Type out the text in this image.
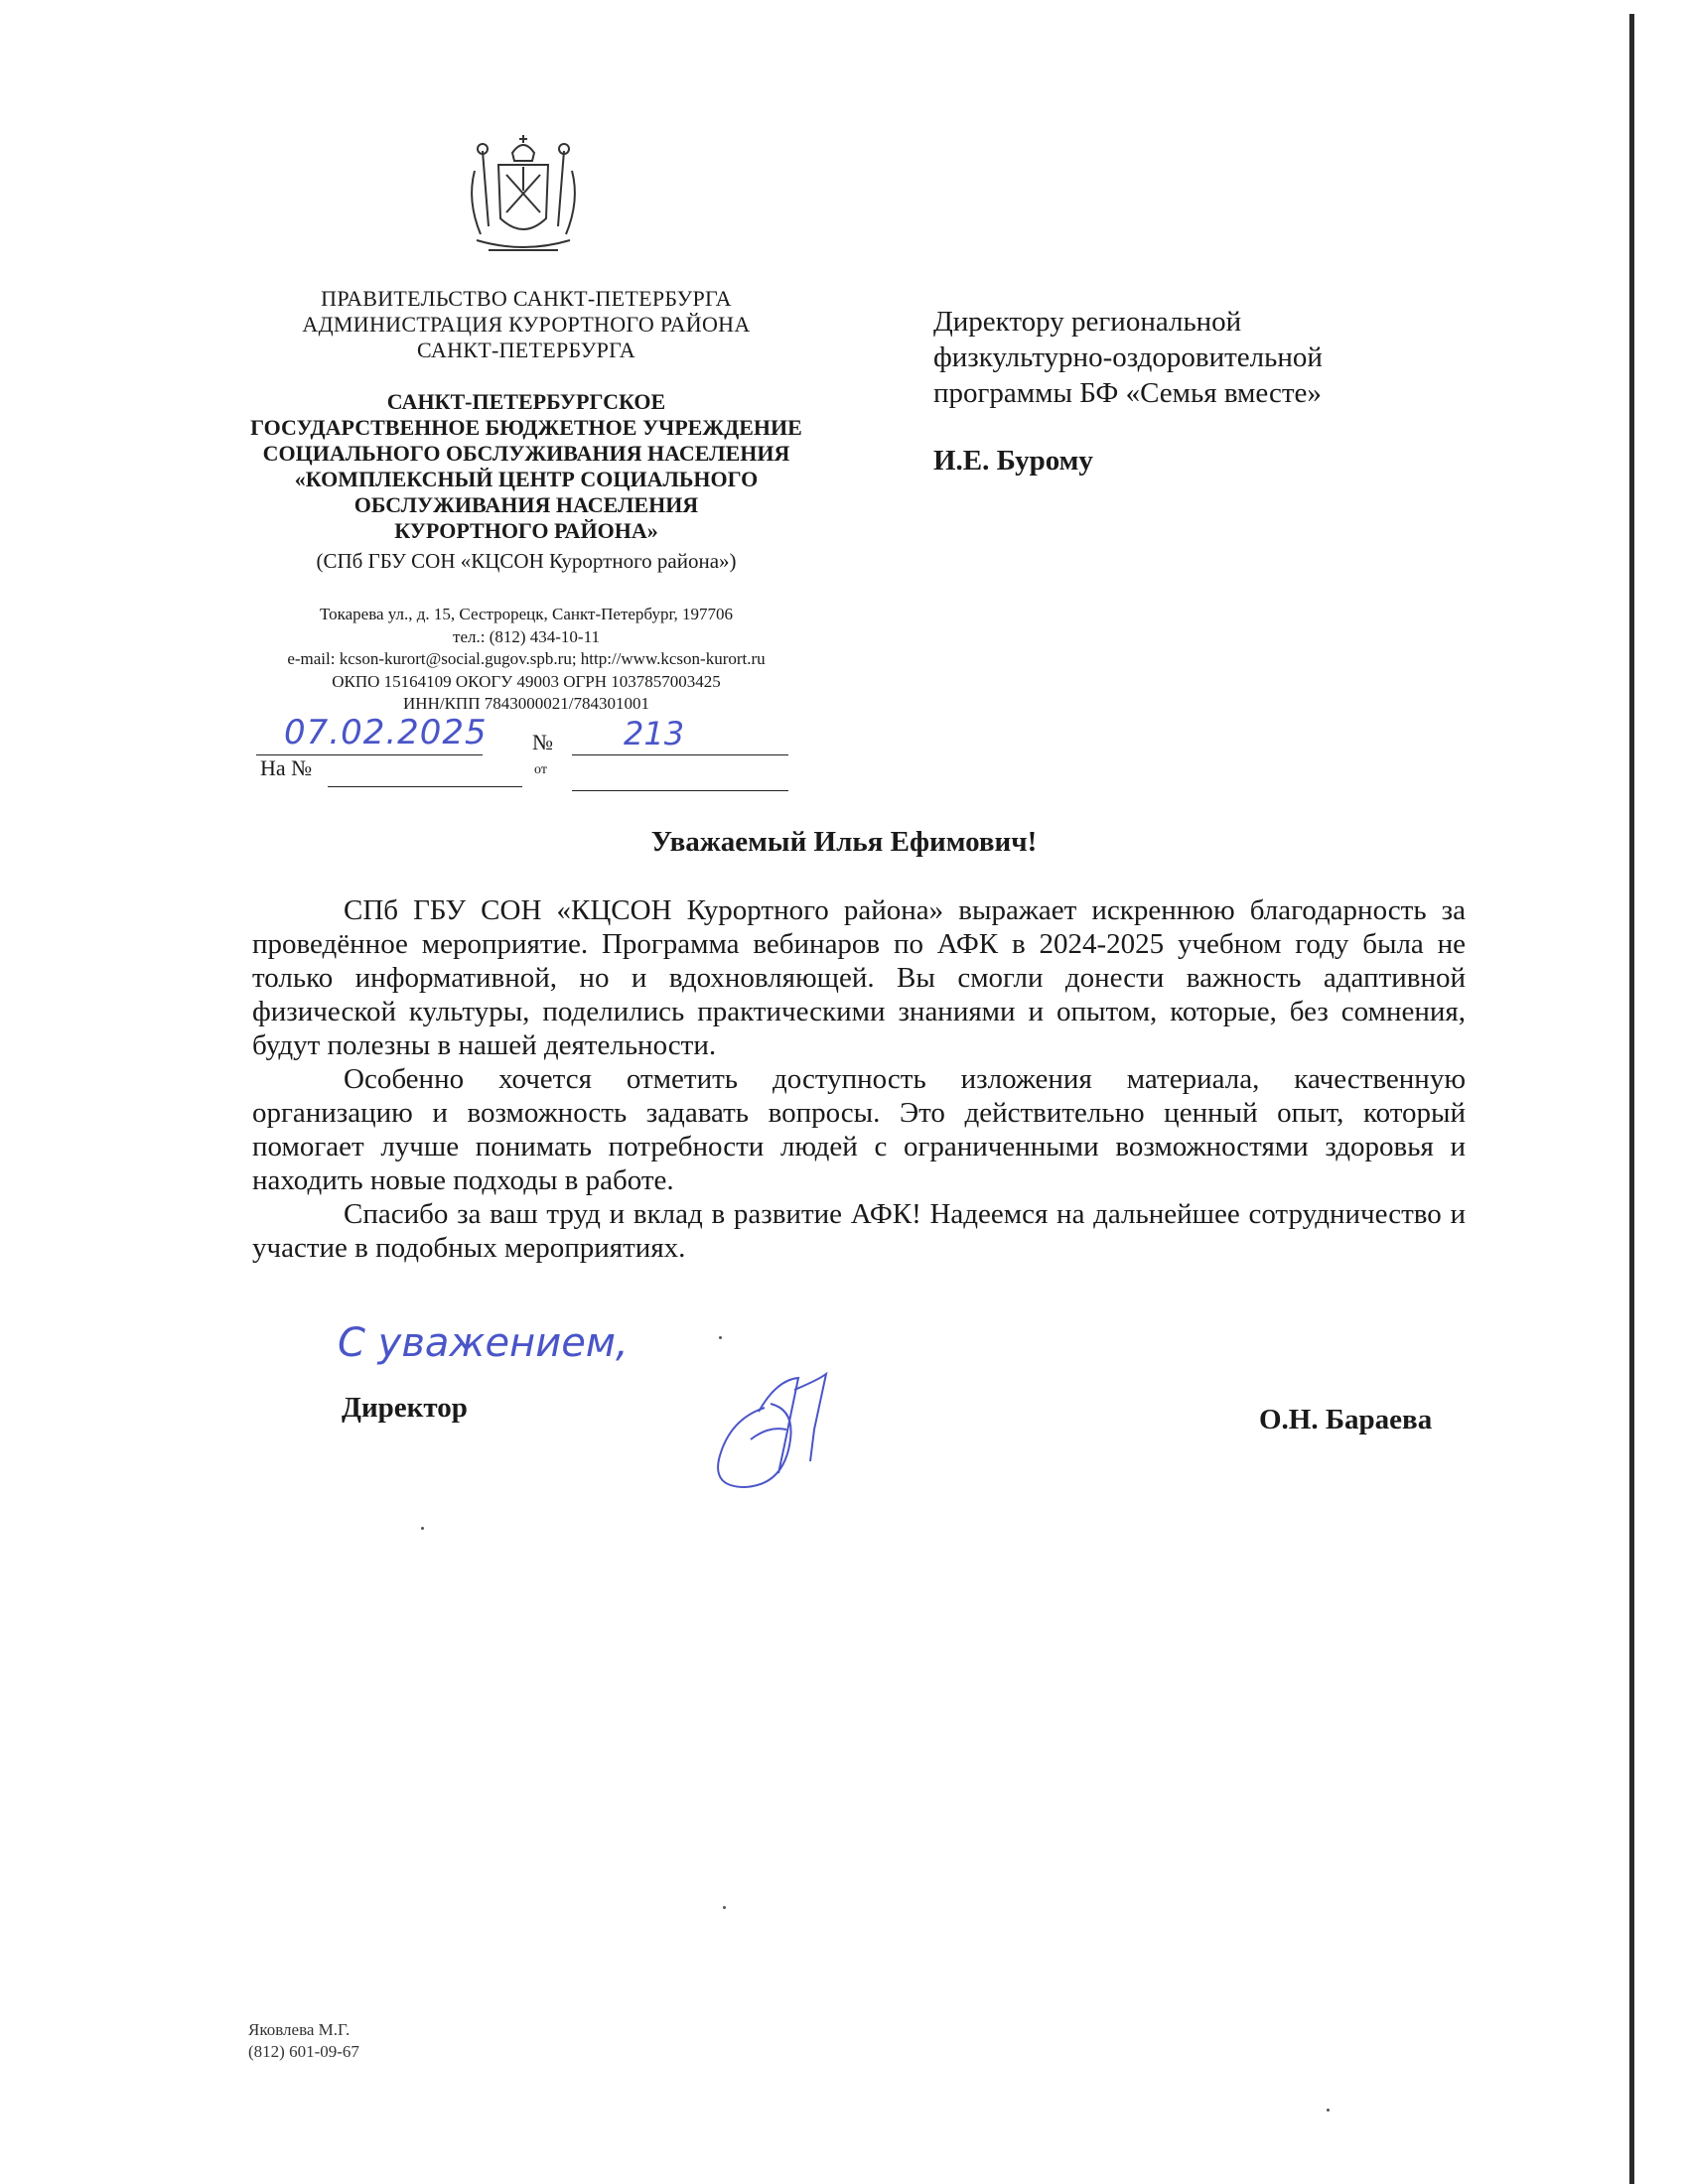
ПРАВИТЕЛЬСТВО САНКТ-ПЕТЕРБУРГА
АДМИНИСТРАЦИЯ КУРОРТНОГО РАЙОНА
САНКТ-ПЕТЕРБУРГА
САНКТ-ПЕТЕРБУРГСКОЕ
ГОСУДАРСТВЕННОЕ БЮДЖЕТНОЕ УЧРЕЖДЕНИЕ
СОЦИАЛЬНОГО ОБСЛУЖИВАНИЯ НАСЕЛЕНИЯ
«КОМПЛЕКСНЫЙ ЦЕНТР СОЦИАЛЬНОГО
ОБСЛУЖИВАНИЯ НАСЕЛЕНИЯ
КУРОРТНОГО РАЙОНА»
(СПб ГБУ СОН «КЦСОН Курортного района»)
Токарева ул., д. 15, Сестрорецк, Санкт-Петербург, 197706
тел.: (812) 434-10-11
e-mail: kcson-kurort@social.gugov.spb.ru; http://www.kcson-kurort.ru
ОКПО 15164109 ОКОГУ 49003 ОГРН 1037857003425
ИНН/КПП 7843000021/784301001
07.02.2025 № 213
На №	от
Директору региональной
физкультурно-оздоровительной
программы БФ «Семья вместе»
И.Е. Бурому
Уважаемый Илья Ефимович!

СПб ГБУ СОН «КЦСОН Курортного района» выражает искреннюю благодарность за проведённое мероприятие. Программа вебинаров по АФК в 2024-2025 учебном году была не только информативной, но и вдохновляющей. Вы смогли донести важность адаптивной физической культуры, поделились практическими знаниями и опытом, которые, без сомнения, будут полезны в нашей деятельности.

Особенно хочется отметить доступность изложения материала, качественную организацию и возможность задавать вопросы. Это действительно ценный опыт, который помогает лучше понимать потребности людей с ограниченными возможностями здоровья и находить новые подходы в работе.

Спасибо за ваш труд и вклад в развитие АФК! Надеемся на дальнейшее сотрудничество и участие в подобных мероприятиях.

С уважением,
Директор	О.Н. Бараева
Яковлева М.Г.
(812) 601-09-67
